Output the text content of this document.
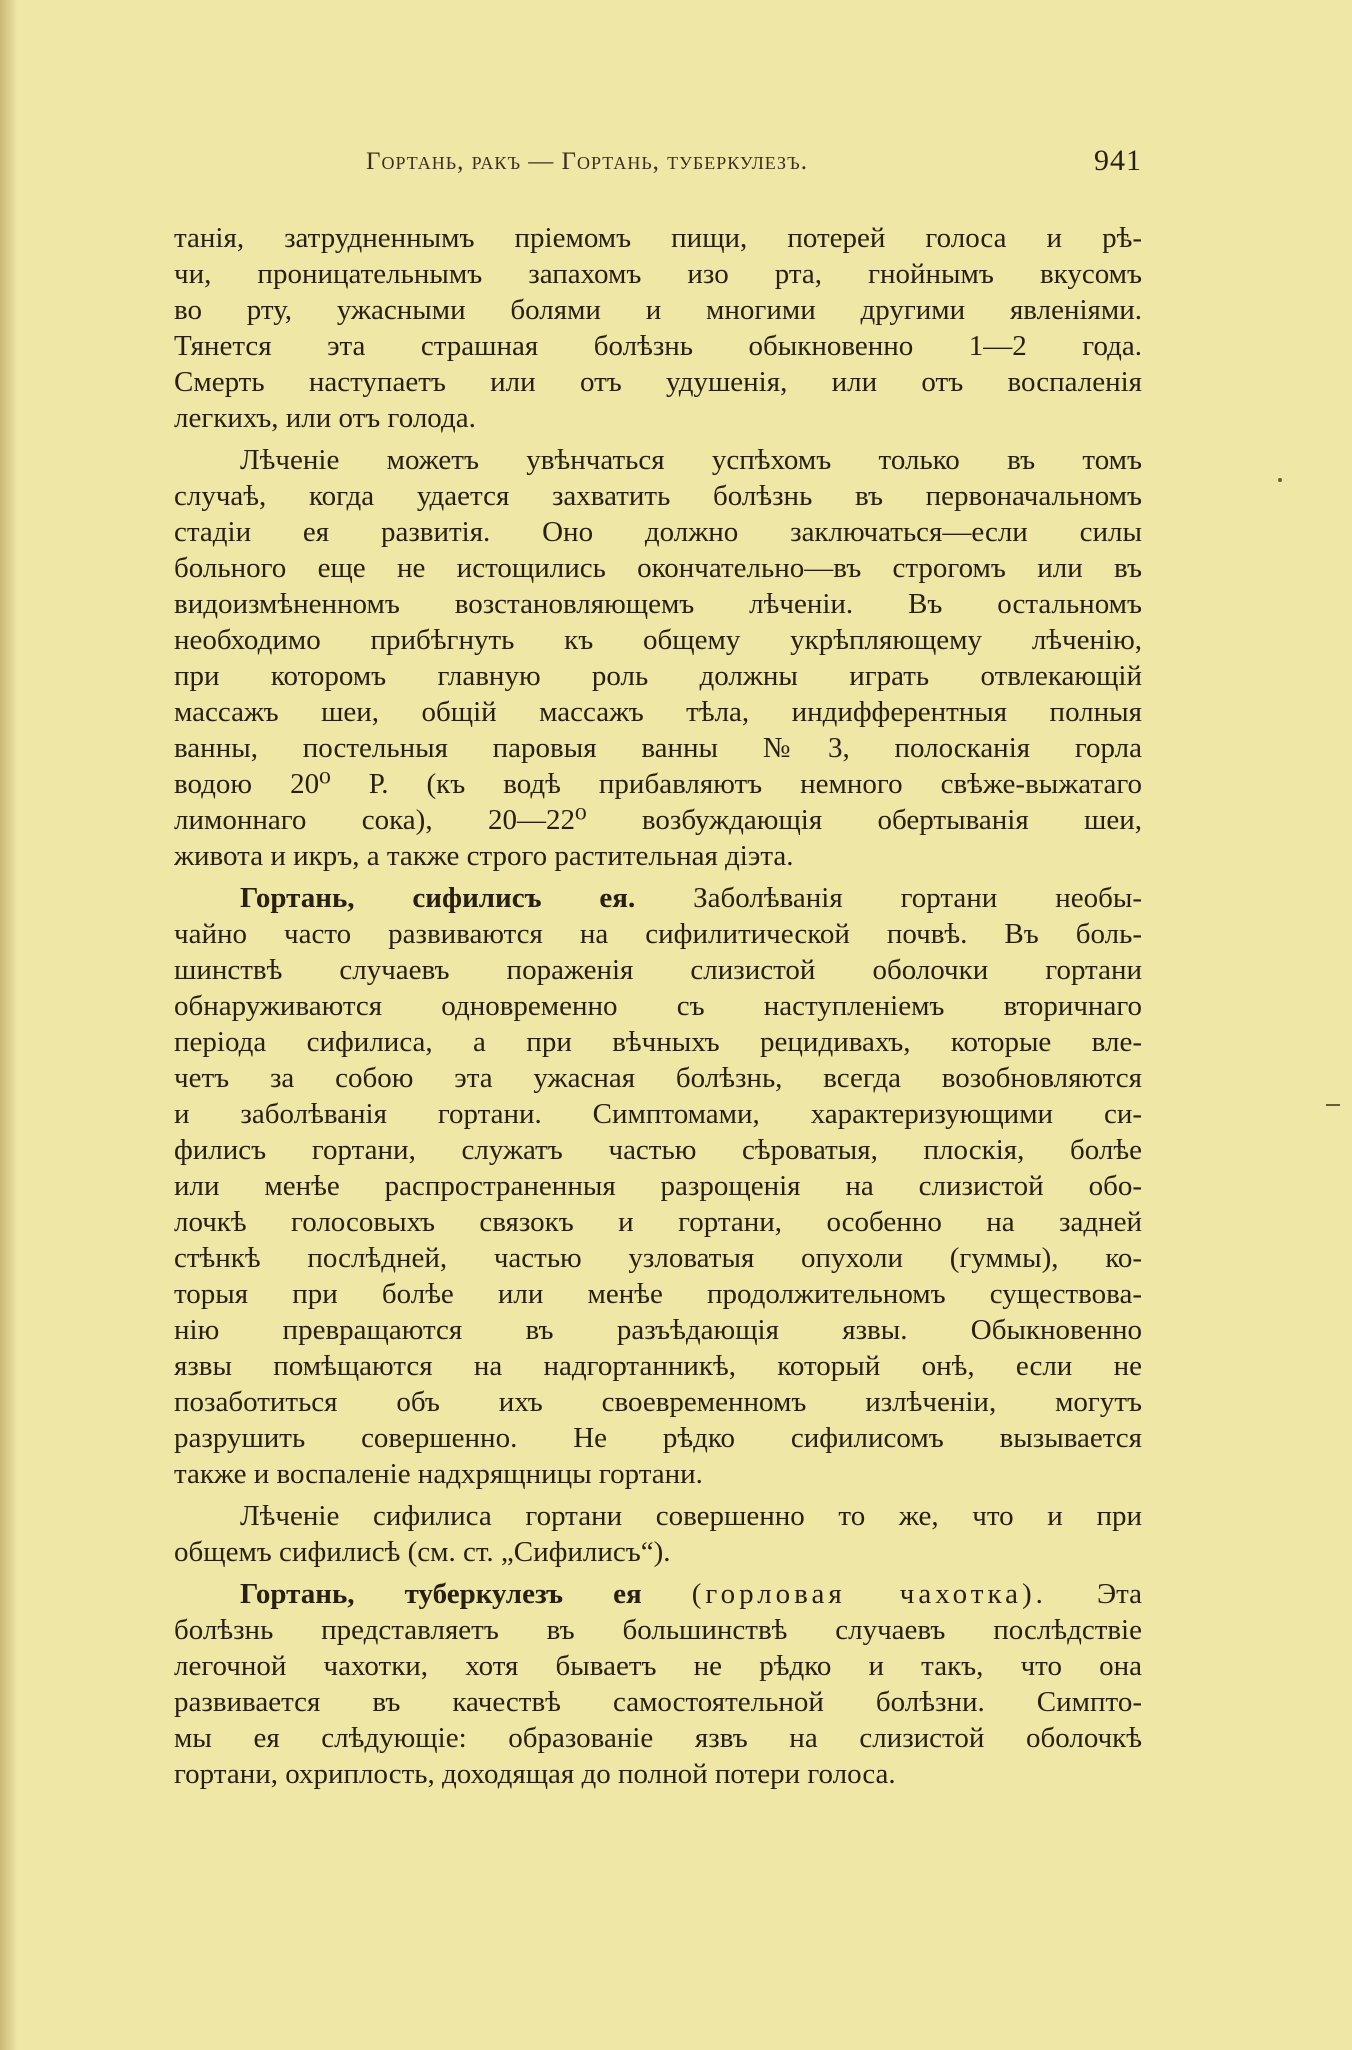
Гортань, ракъ — Гортань, туберкулезъ.	941
танія, затрудненнымъ пріемомъ пищи, потерей голоса и рѣ-
чи, проницательнымъ запахомъ изо рта, гнойнымъ вкусомъ
во рту, ужасными болями и многими другими явленіями.
Тянется эта страшная болѣзнь обыкновенно 1—2 года.
Смерть наступаетъ или отъ удушенія, или отъ воспаленія
легкихъ, или отъ голода.
Лѣченіе можетъ увѣнчаться успѣхомъ только въ томъ
случаѣ, когда удается захватить болѣзнь въ первоначальномъ
стадіи ея развитія. Оно должно заключаться—если силы
больного еще не истощились окончательно—въ строгомъ или въ
видоизмѣненномъ возстановляющемъ лѣченіи. Въ остальномъ
необходимо прибѣгнуть къ общему укрѣпляющему лѣченію,
при которомъ главную роль должны играть отвлекающій
массажъ шеи, общій массажъ тѣла, индифферентныя полныя
ванны, постельныя паровыя ванны №3, полосканія горла
водою 20⁰ Р. (къ водѣ прибавляютъ немного свѣже-выжатаго
лимоннаго сока), 20—22⁰ возбуждающія обертыванія шеи,
живота и икръ, а также строго растительная діэта.
Гортань, сифилисъ ея. Заболѣванія гортани необы-
чайно часто развиваются на сифилитической почвѣ. Въ боль-
шинствѣ случаевъ пораженія слизистой оболочки гортани
обнаруживаются одновременно съ наступленіемъ вторичнаго
періода сифилиса, а при вѣчныхъ рецидивахъ, которые вле-
четъ за собою эта ужасная болѣзнь, всегда возобновляются
и заболѣванія гортани. Симптомами, характеризующими си-
филисъ гортани, служатъ частью сѣроватыя, плоскія, болѣе
или менѣе распространенныя разрощенія на слизистой обо-
лочкѣ голосовыхъ связокъ и гортани, особенно на задней
стѣнкѣ послѣдней, частью узловатыя опухоли (гуммы), ко-
торыя при болѣе или менѣе продолжительномъ существова-
нію превращаются въ разъѣдающія язвы. Обыкновенно
язвы помѣщаются на надгортанникѣ, который онѣ, если не
позаботиться объ ихъ своевременномъ излѣченіи, могутъ
разрушить совершенно. Не рѣдко сифилисомъ вызывается
также и воспаленіе надхрящницы гортани.
Лѣченіе сифилиса гортани совершенно то же, что и при
общемъ сифилисѣ (см. ст. „Сифилисъ“).
Гортань, туберкулезъ ея (горловая чахотка). Эта
болѣзнь представляетъ въ большинствѣ случаевъ послѣдствіе
легочной чахотки, хотя бываетъ не рѣдко и такъ, что она
развивается въ качествѣ самостоятельной болѣзни. Симпто-
мы ея слѣдующіе: образованіе язвъ на слизистой оболочкѣ
гортани, охриплость, доходящая до полной потери голоса.
